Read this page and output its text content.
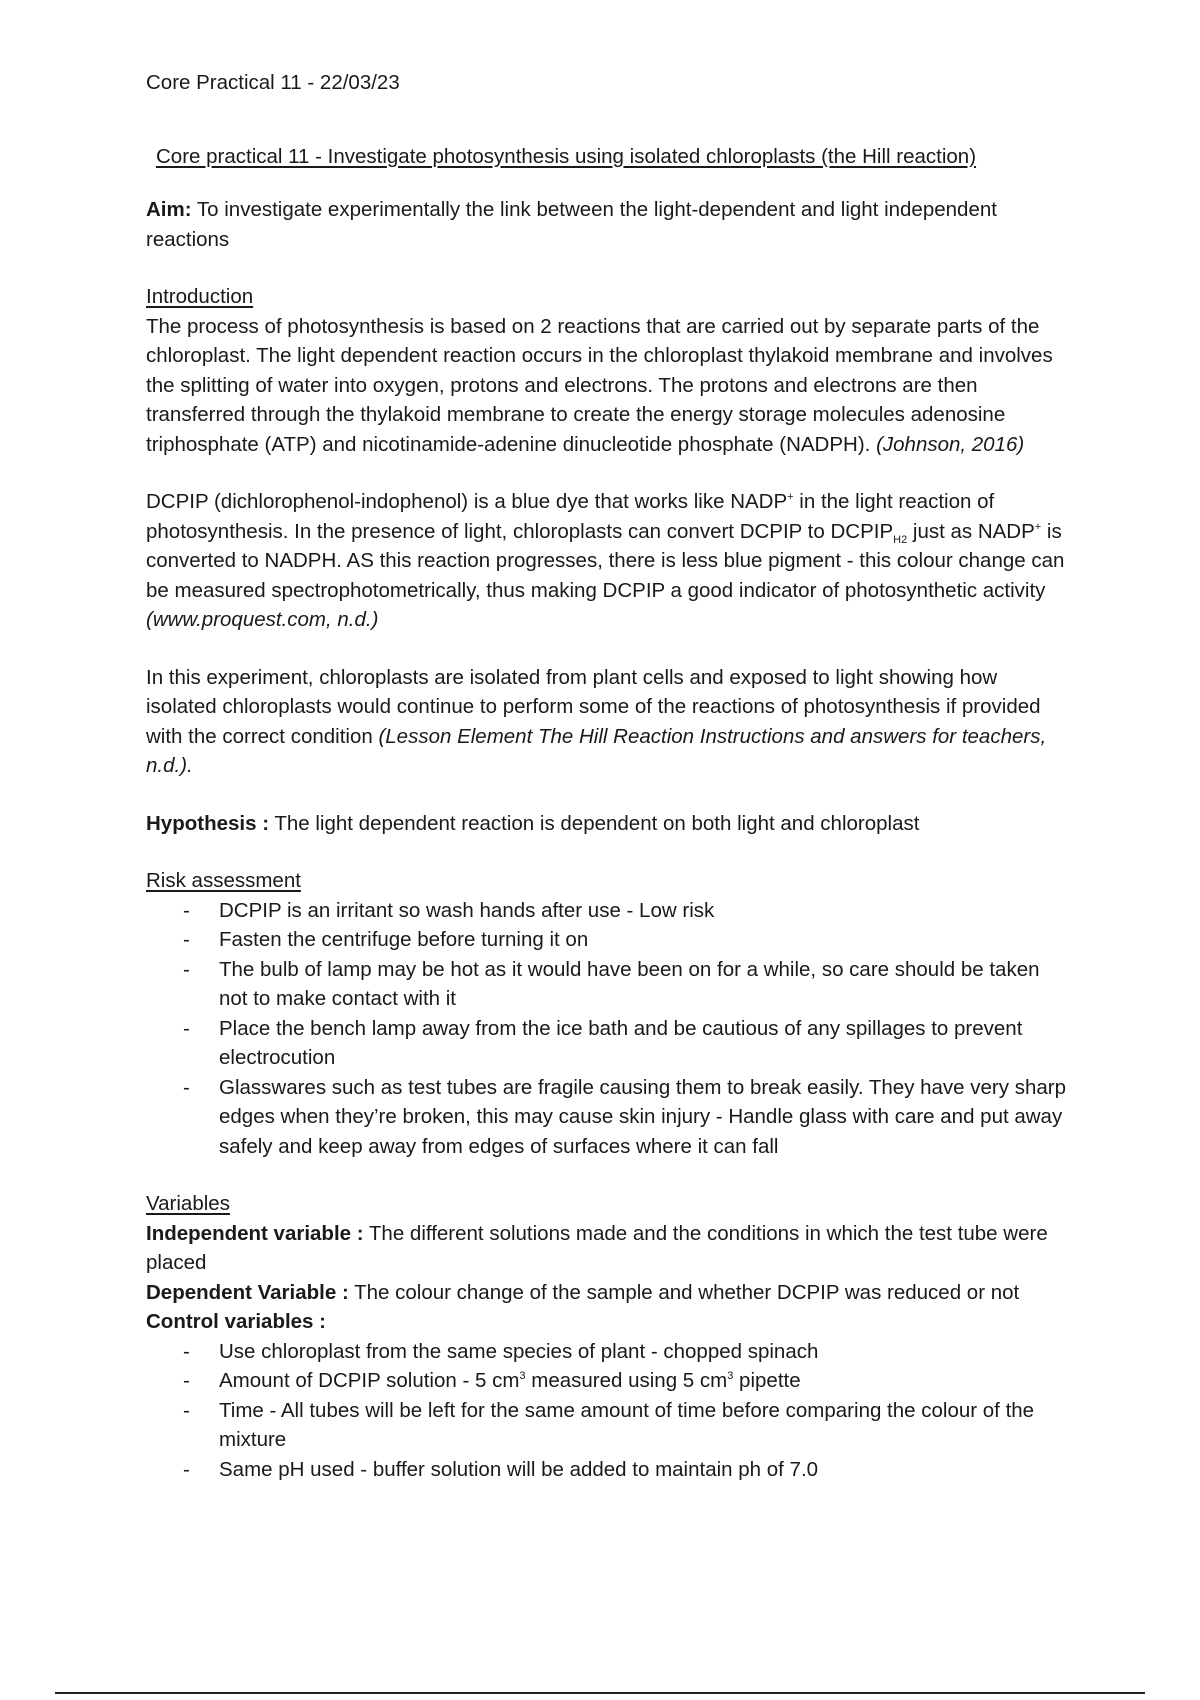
Core Practical 11 - 22/03/23

Core practical 11 - Investigate photosynthesis using isolated chloroplasts (the Hill reaction)

Aim: To investigate experimentally the link between the light-dependent and light independent reactions

Introduction

The process of photosynthesis is based on 2 reactions that are carried out by separate parts of the chloroplast. The light dependent reaction occurs in the chloroplast thylakoid membrane and involves the splitting of water into oxygen, protons and electrons. The protons and electrons are then transferred through the thylakoid membrane to create the energy storage molecules adenosine triphosphate (ATP) and nicotinamide-adenine dinucleotide phosphate (NADPH). (Johnson, 2016)

DCPIP (dichlorophenol-indophenol) is a blue dye that works like NADP+ in the light reaction of photosynthesis. In the presence of light, chloroplasts can convert DCPIP to $DCPIP_{H2}$ just as NADP+ is converted to NADPH. AS this reaction progresses, there is less blue pigment - this colour change can be measured spectrophotometrically, thus making DCPIP a good indicator of photosynthetic activity (www.proquest.com, n.d.)

In this experiment, chloroplasts are isolated from plant cells and exposed to light showing how isolated chloroplasts would continue to perform some of the reactions of photosynthesis if provided with the correct condition (Lesson Element The Hill Reaction Instructions and answers for teachers, n.d.).

Hypothesis : The light dependent reaction is dependent on both light and chloroplast

Risk assessment
- DCPIP is an irritant so wash hands after use - Low risk
- Fasten the centrifuge before turning it on
- The bulb of lamp may be hot as it would have been on for a while, so care should be taken not to make contact with it
- Place the bench lamp away from the ice bath and be cautious of any spillages to prevent electrocution
- Glasswares such as test tubes are fragile causing them to break easily. They have very sharp edges when they’re broken, this may cause skin injury - Handle glass with care and put away safely and keep away from edges of surfaces where it can fall
Variables

Independent variable : The different solutions made and the conditions in which the test tube were placed

Dependent Variable : The colour change of the sample and whether DCPIP was reduced or not

Control variables :

- Use chloroplast from the same species of plant - chopped spinach
- Amount of DCPIP solution - 5 $cm^3$ measured using 5 $cm^3$ pipette
- Time - All tubes will be left for the same amount of time before comparing the colour of the mixture
- Same pH used - buffer solution will be added to maintain ph of 7.0
